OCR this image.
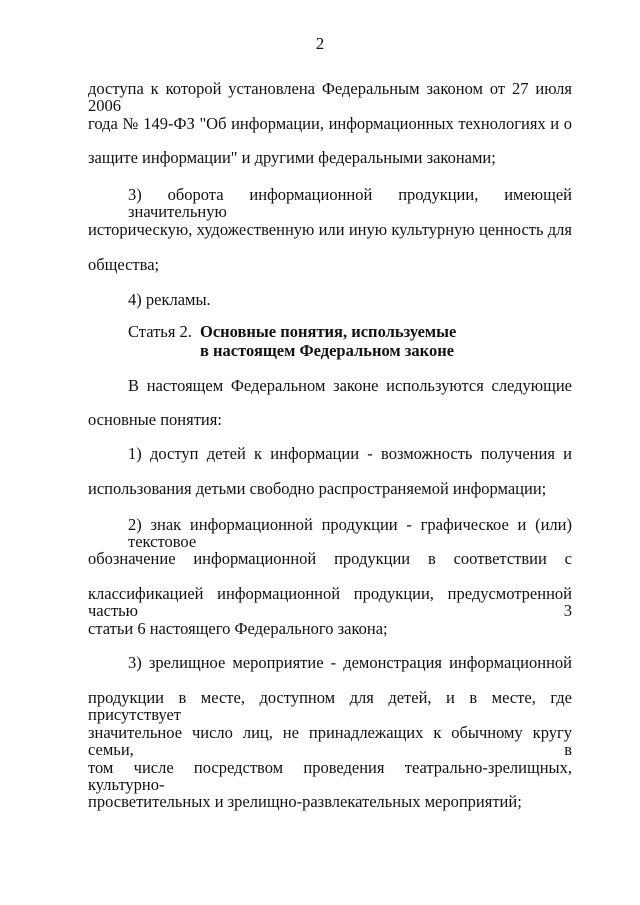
2
доступа к которой установлена Федеральным законом от 27 июля 2006
года № 149-ФЗ "Об информации, информационных технологиях и о
защите информации" и другими федеральными законами;
3) оборота информационной продукции, имеющей значительную
историческую, художественную или иную культурную ценность для
общества;
4) рекламы.
Статья 2. Основные понятия, используемые
в настоящем Федеральном законе
В настоящем Федеральном законе используются следующие
основные понятия:
1) доступ детей к информации - возможность получения и
использования детьми свободно распространяемой информации;
2) знак информационной продукции - графическое и (или) текстовое
обозначение информационной продукции в соответствии с
классификацией информационной продукции, предусмотренной частью 3
статьи 6 настоящего Федерального закона;
3) зрелищное мероприятие - демонстрация информационной
продукции в месте, доступном для детей, и в месте, где присутствует
значительное число лиц, не принадлежащих к обычному кругу семьи, в
том числе посредством проведения театрально-зрелищных, культурно-
просветительных и зрелищно-развлекательных мероприятий;
